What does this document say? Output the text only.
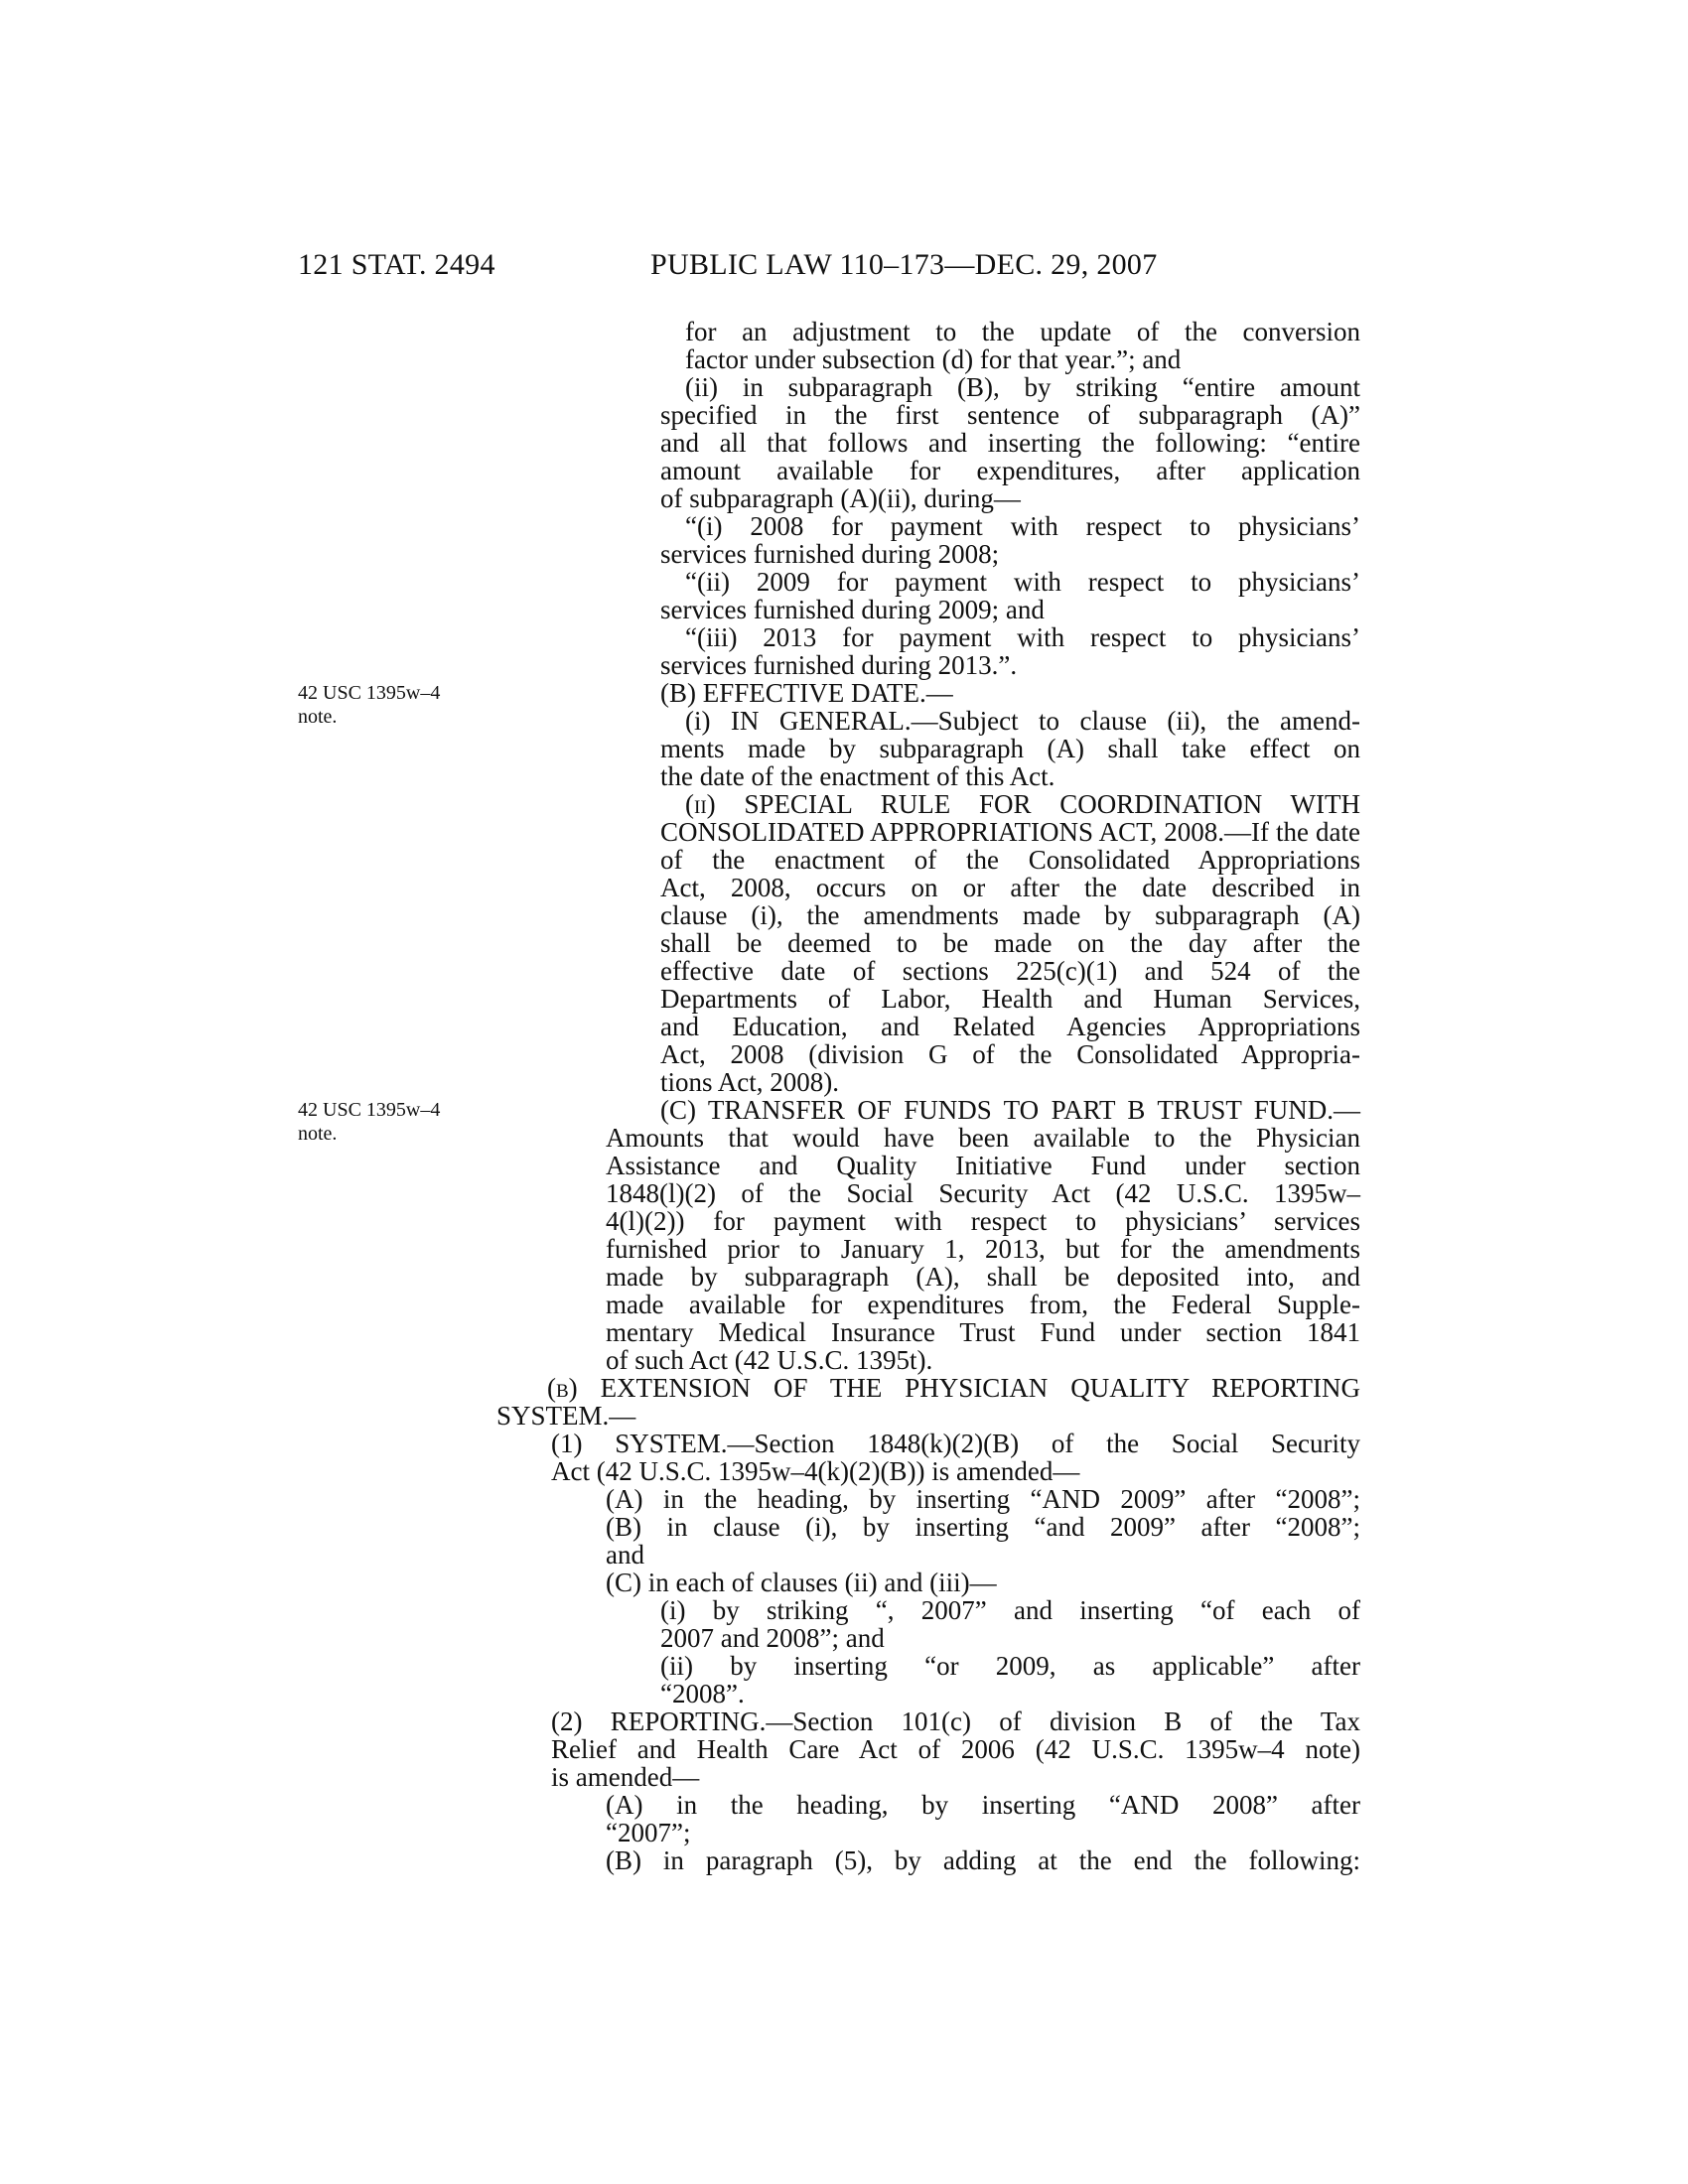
121 STAT. 2494	PUBLIC LAW 110–173—DEC. 29, 2007
42 USC 1395w–4
note.
42 USC 1395w–4
note.
for an adjustment to the update of the conversion
factor under subsection (d) for that year.”; and
(ii) in subparagraph (B), by striking “entire amount
specified in the first sentence of subparagraph (A)”
and all that follows and inserting the following: “entire
amount available for expenditures, after application
of subparagraph (A)(ii), during—
“(i) 2008 for payment with respect to physicians’
services furnished during 2008;
“(ii) 2009 for payment with respect to physicians’
services furnished during 2009; and
“(iii) 2013 for payment with respect to physicians’
services furnished during 2013.”.
(B) EFFECTIVE DATE.—
(i) IN GENERAL.—Subject to clause (ii), the amend-
ments made by subparagraph (A) shall take effect on
the date of the enactment of this Act.
(ii) SPECIAL RULE FOR COORDINATION WITH
CONSOLIDATED APPROPRIATIONS ACT, 2008.—If the date
of the enactment of the Consolidated Appropriations
Act, 2008, occurs on or after the date described in
clause (i), the amendments made by subparagraph (A)
shall be deemed to be made on the day after the
effective date of sections 225(c)(1) and 524 of the
Departments of Labor, Health and Human Services,
and Education, and Related Agencies Appropriations
Act, 2008 (division G of the Consolidated Appropria-
tions Act, 2008).
(C) TRANSFER OF FUNDS TO PART B TRUST FUND.—
Amounts that would have been available to the Physician
Assistance and Quality Initiative Fund under section
1848(l)(2) of the Social Security Act (42 U.S.C. 1395w–
4(l)(2)) for payment with respect to physicians’ services
furnished prior to January 1, 2013, but for the amendments
made by subparagraph (A), shall be deposited into, and
made available for expenditures from, the Federal Supple-
mentary Medical Insurance Trust Fund under section 1841
of such Act (42 U.S.C. 1395t).
(b) EXTENSION OF THE PHYSICIAN QUALITY REPORTING
SYSTEM.—
(1) SYSTEM.—Section 1848(k)(2)(B) of the Social Security
Act (42 U.S.C. 1395w–4(k)(2)(B)) is amended—
(A) in the heading, by inserting “AND 2009” after “2008”;
(B) in clause (i), by inserting “and 2009” after “2008”;
and
(C) in each of clauses (ii) and (iii)—
(i) by striking “, 2007” and inserting “of each of
2007 and 2008”; and
(ii) by inserting “or 2009, as applicable” after
“2008”.
(2) REPORTING.—Section 101(c) of division B of the Tax
Relief and Health Care Act of 2006 (42 U.S.C. 1395w–4 note)
is amended—
(A) in the heading, by inserting “AND 2008” after
“2007”;
(B) in paragraph (5), by adding at the end the following:
